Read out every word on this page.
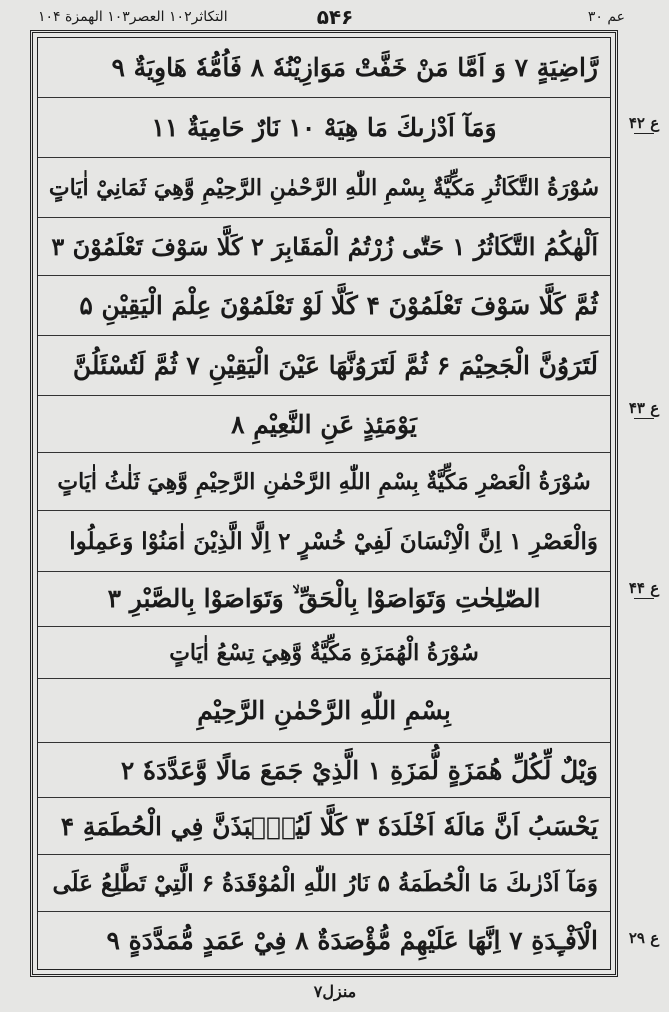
التکاثر۱۰۲ العصر۱۰۳ الهمزة ۱۰۴	۵۴۶	عم ۳۰
رَّاضِيَةٍ ۷ وَ اَمَّا مَنْ خَفَّتْ مَوَازِيْنُهٗ ۸ فَاُمُّهٗ هَاوِيَةٌ ۹
وَمَآ اَدْرٰىكَ مَا هِيَهْ ۱۰ نَارٌ حَامِيَةٌ ۱۱
سُوْرَةُ التَّكَاثُرِ مَكِّيَّةٌ بِسْمِ اللّٰهِ الرَّحْمٰنِ الرَّحِيْمِ وَّهِيَ ثَمَانِيْ اٰيَاتٍ
اَلْهٰكُمُ التَّكَاثُرُ ۱ حَتّٰى زُرْتُمُ الْمَقَابِرَ ۲ كَلَّا سَوْفَ تَعْلَمُوْنَ ۳
ثُمَّ كَلَّا سَوْفَ تَعْلَمُوْنَ ۴ كَلَّا لَوْ تَعْلَمُوْنَ عِلْمَ الْيَقِيْنِ ۵
لَتَرَوُنَّ الْجَحِيْمَ ۶ ثُمَّ لَتَرَوُنَّهَا عَيْنَ الْيَقِيْنِ ۷ ثُمَّ لَتُسْئَلُنَّ
يَوْمَئِذٍ عَنِ النَّعِيْمِ ۸
سُوْرَةُ الْعَصْرِ مَكِّيَّةٌ بِسْمِ اللّٰهِ الرَّحْمٰنِ الرَّحِيْمِ وَّهِيَ ثَلٰثُ اٰيَاتٍ
وَالْعَصْرِ ۱ اِنَّ الْاِنْسَانَ لَفِيْ خُسْرٍ ۲ اِلَّا الَّذِيْنَ اٰمَنُوْا وَعَمِلُوا
الصّٰلِحٰتِ وَتَوَاصَوْا بِالْحَقِّ ۙ وَتَوَاصَوْا بِالصَّبْرِ ۳
سُوْرَةُ الْهُمَزَةِ مَكِّيَّةٌ وَّهِيَ تِسْعُ اٰيَاتٍ
بِسْمِ اللّٰهِ الرَّحْمٰنِ الرَّحِيْمِ
وَيْلٌ لِّكُلِّ هُمَزَةٍ لُّمَزَةِ ۱ الَّذِيْ جَمَعَ مَالًا وَّعَدَّدَهٗ ۲
يَحْسَبُ اَنَّ مَالَهٗ اَخْلَدَهٗ ۳ كَلَّا لَيُنْۢبَذَنَّ فِي الْحُطَمَةِ ۴
وَمَآ اَدْرٰىكَ مَا الْحُطَمَةُ ۵ نَارُ اللّٰهِ الْمُوْقَدَةُ ۶ الَّتِيْ تَطَّلِعُ عَلَى
الْاَفْـِٕدَةِ ۷ اِنَّهَا عَلَيْهِمْ مُّؤْصَدَةٌ ۸ فِيْ عَمَدٍ مُّمَدَّدَةٍ ۹
ع ۴۲
ع ۴۳
ع ۴۴
ع ۲۹
منزل۷
